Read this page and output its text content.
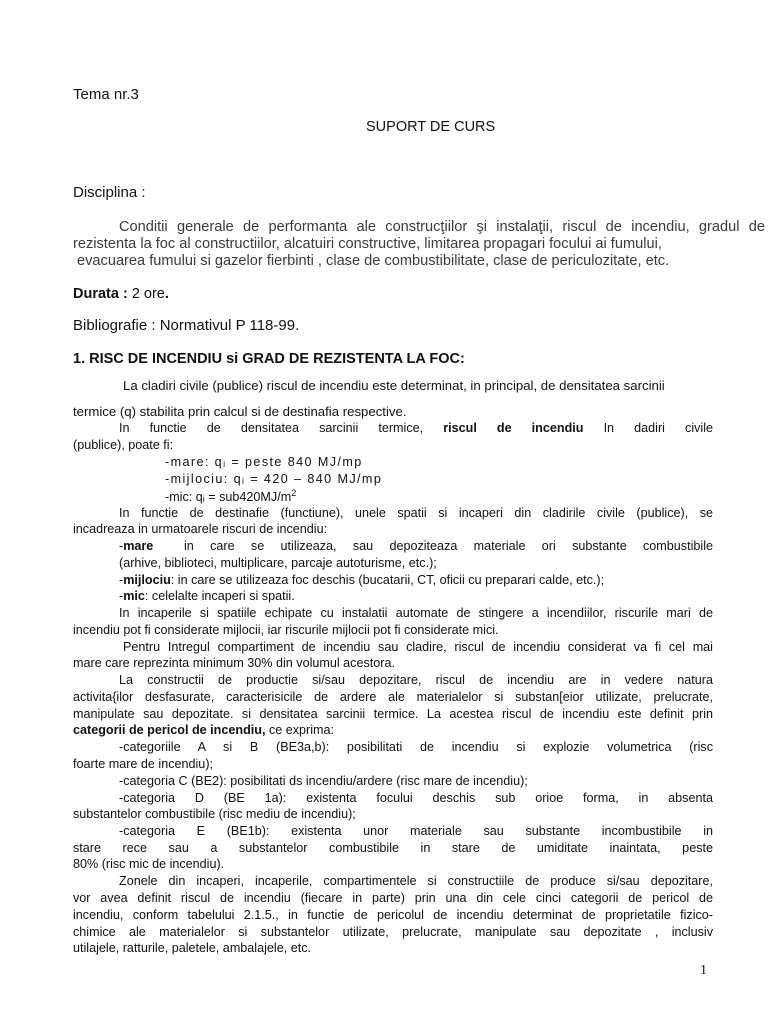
Tema nr.3
SUPORT DE CURS
Disciplina :
Conditii generale de performanta ale construcţiilor şi instalaţii, riscul de incendiu, gradul de
rezistenta la foc al constructiilor, alcatuiri constructive, limitarea propagari focului ai fumului,
evacuarea fumului si gazelor fierbinti , clase de combustibilitate, clase de periculozitate, etc.
Durata : 2 ore.
Bibliografie : Normativul P 118-99.
1. RISC DE INCENDIU si GRAD DE REZISTENTA LA FOC:
La cladiri civile (publice) riscul de incendiu este determinat, in principal, de densitatea sarcinii
termice (q) stabilita prin calcul si de destinafia respective.
In functie de densitatea sarcinii termice, riscul de incendiu In dadiri civile
(publice), poate fi:
-mare: qᵢ = peste 840 MJ/mp
-mijlociu: qᵢ = 420 – 840 MJ/mp
-mic: qᵢ = $sub420MJ/m^2$
In functie de destinafie (functiune), unele spatii si incaperi din cladirile civile (publice), se
incadreaza in urmatoarele riscuri de incendiu:
-mare in care se utilizeaza, sau depoziteaza materiale ori substante combustibile
(arhive, biblioteci, multiplicare, parcaje autoturisme, etc.);
-mijlociu: in care se utilizeaza foc deschis (bucatarii, CT, oficii cu preparari calde, etc.);
-mic: celelalte incaperi si spatii.
In incaperile si spatiile echipate cu instalatii automate de stingere a incendiilor, riscurile mari de
incendiu pot fi considerate mijlocii, iar riscurile mijlocii pot fi considerate mici.
Pentru Intregul compartiment de incendiu sau cladire, riscul de incendiu considerat va fi cel mai
mare care reprezinta minimum 30% din volumul acestora.
La constructii de productie si/sau depozitare, riscul de incendiu are in vedere natura
activita{ilor desfasurate, caracterisicile de ardere ale materialelor si substan[eior utilizate, prelucrate,
manipulate sau depozitate. si densitatea sarcinii termice. La acestea riscul de incendiu este definit prin
categorii de pericol de incendiu, ce exprima:
-categoriile A si B (BE3a,b): posibilitati de incendiu si explozie volumetrica (risc
foarte mare de incendiu);
-categoria C (BE2): posibilitati ds incendiu/ardere (risc mare de incendiu);
-categoria D (BE 1a): existenta focului deschis sub orioe forma, in absenta
substantelor combustibile (risc mediu de incendiu);
-categoria E (BE1b): existenta unor materiale sau substante incombustibile in
stare rece sau a substantelor combustibile in stare de umiditate inaintata, peste
80% (risc mic de incendiu).
Zonele din incaperi, incaperile, compartimentele si constructiile de produce si/sau depozitare,
vor avea definit riscul de incendiu (fiecare in parte) prin una din cele cinci categorii de pericol de
incendiu, conform tabelului 2.1.5., in functie de pericolul de incendiu determinat de proprietatile fizico-
chimice ale materialelor si substantelor utilizate, prelucrate, manipulate sau depozitate , inclusiv
utilajele, ratturile, paletele, ambalajele, etc.
1
